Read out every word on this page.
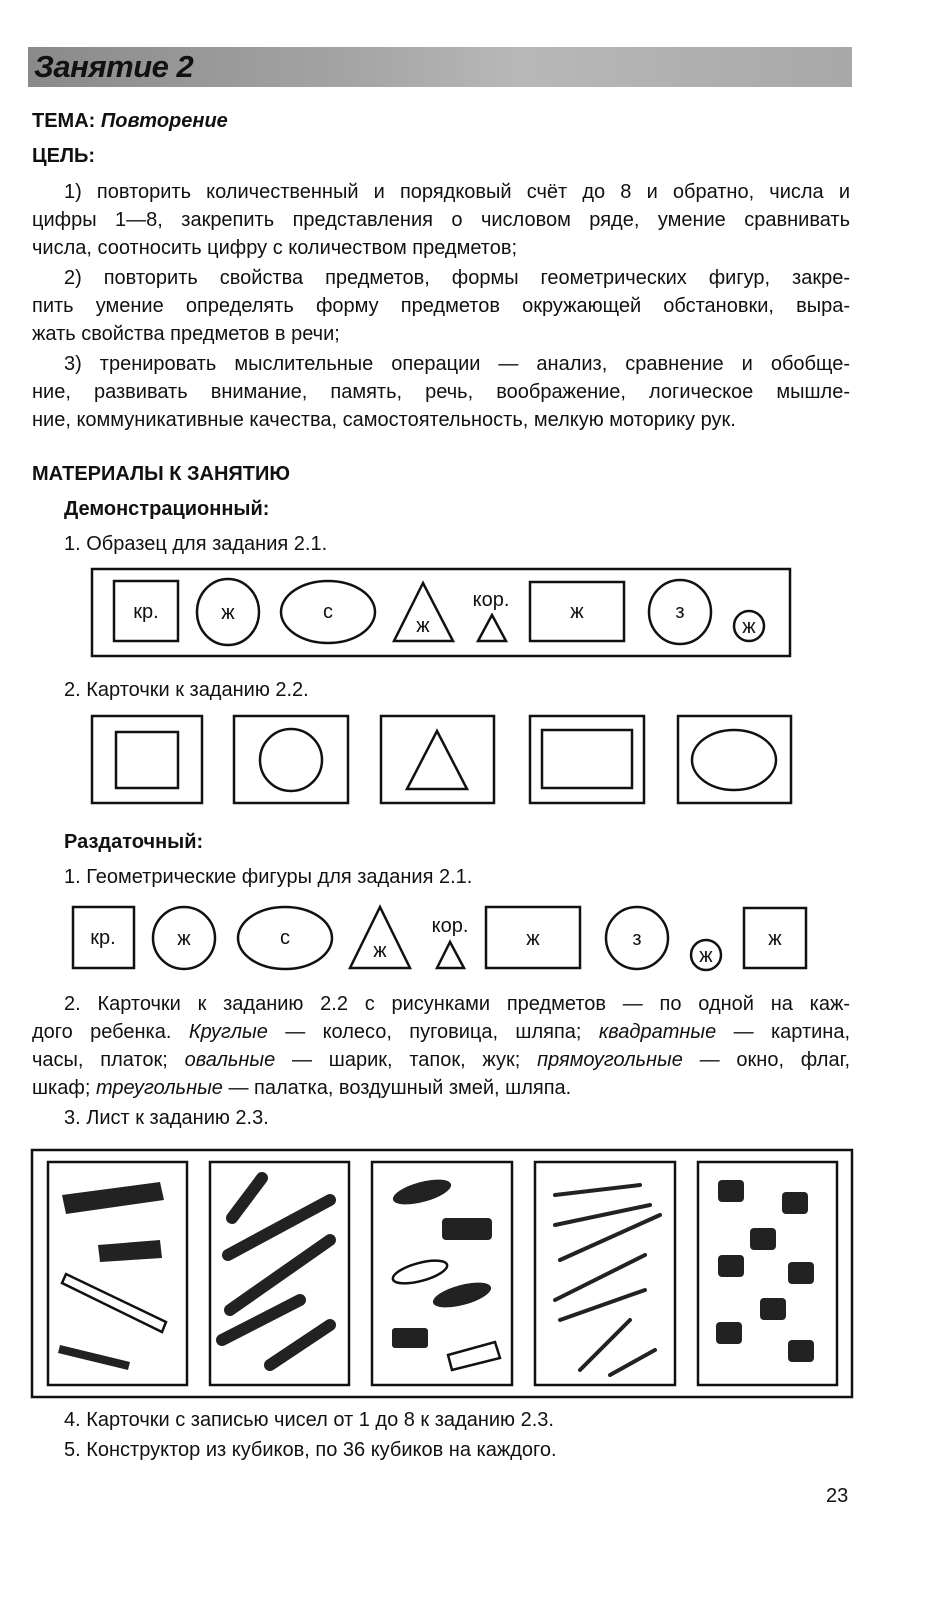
Занятие 2
ТЕМА: Повторение
ЦЕЛЬ:
1) повторить количественный и порядковый счёт до 8 и обратно, числа и
цифры 1—8, закрепить представления о числовом ряде, умение сравнивать
числа, соотносить цифру с количеством предметов;
2) повторить свойства предметов, формы геометрических фигур, закре-
пить умение определять форму предметов окружающей обстановки, выра-
жать свойства предметов в речи;
3) тренировать мыслительные операции — анализ, сравнение и обобще-
ние, развивать внимание, память, речь, воображение, логическое мышле-
ние, коммуникативные качества, самостоятельность, мелкую моторику рук.
МАТЕРИАЛЫ К ЗАНЯТИЮ
Демонстрационный:
1. Образец для задания 2.1.
2. Карточки к заданию 2.2.
Раздаточный:
1. Геометрические фигуры для задания 2.1.
2. Карточки к заданию 2.2 с рисунками предметов — по одной на каж-
дого ребенка. Круглые — колесо, пуговица, шляпа; квадратные — картина,
часы, платок; овальные — шарик, тапок, жук; прямоугольные — окно, флаг,
шкаф; треугольные — палатка, воздушный змей, шляпа.
3. Лист к заданию 2.3.
4. Карточки с записью чисел от 1 до 8 к заданию 2.3.
5. Конструктор из кубиков, по 36 кубиков на каждого.
23
кр.	ж	с
ж
кор.
ж	з
ж
кр.	ж	с
ж
кор.
ж	з
ж
ж
